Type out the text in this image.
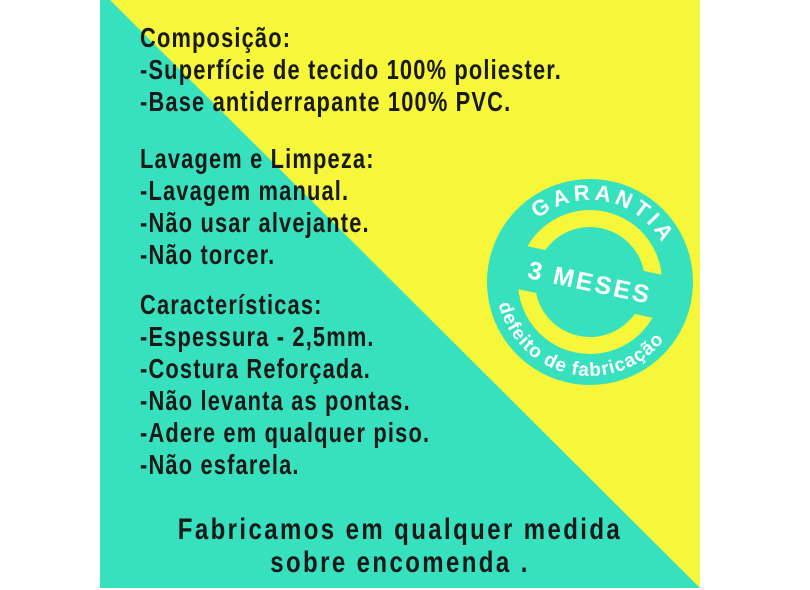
Composição:
-Superfície de tecido 100% poliester.
-Base antiderrapante 100% PVC.
Lavagem e Limpeza:
-Lavagem manual.
-Não usar alvejante.
-Não torcer.
Características:
-Espessura - 2,5mm.
-Costura Reforçada.
-Não levanta as pontas.
-Adere em qualquer piso.
-Não esfarela.
Fabricamos em qualquer medida
sobre encomenda .
GARANTIA
defeito de fabricação
3 MESES
